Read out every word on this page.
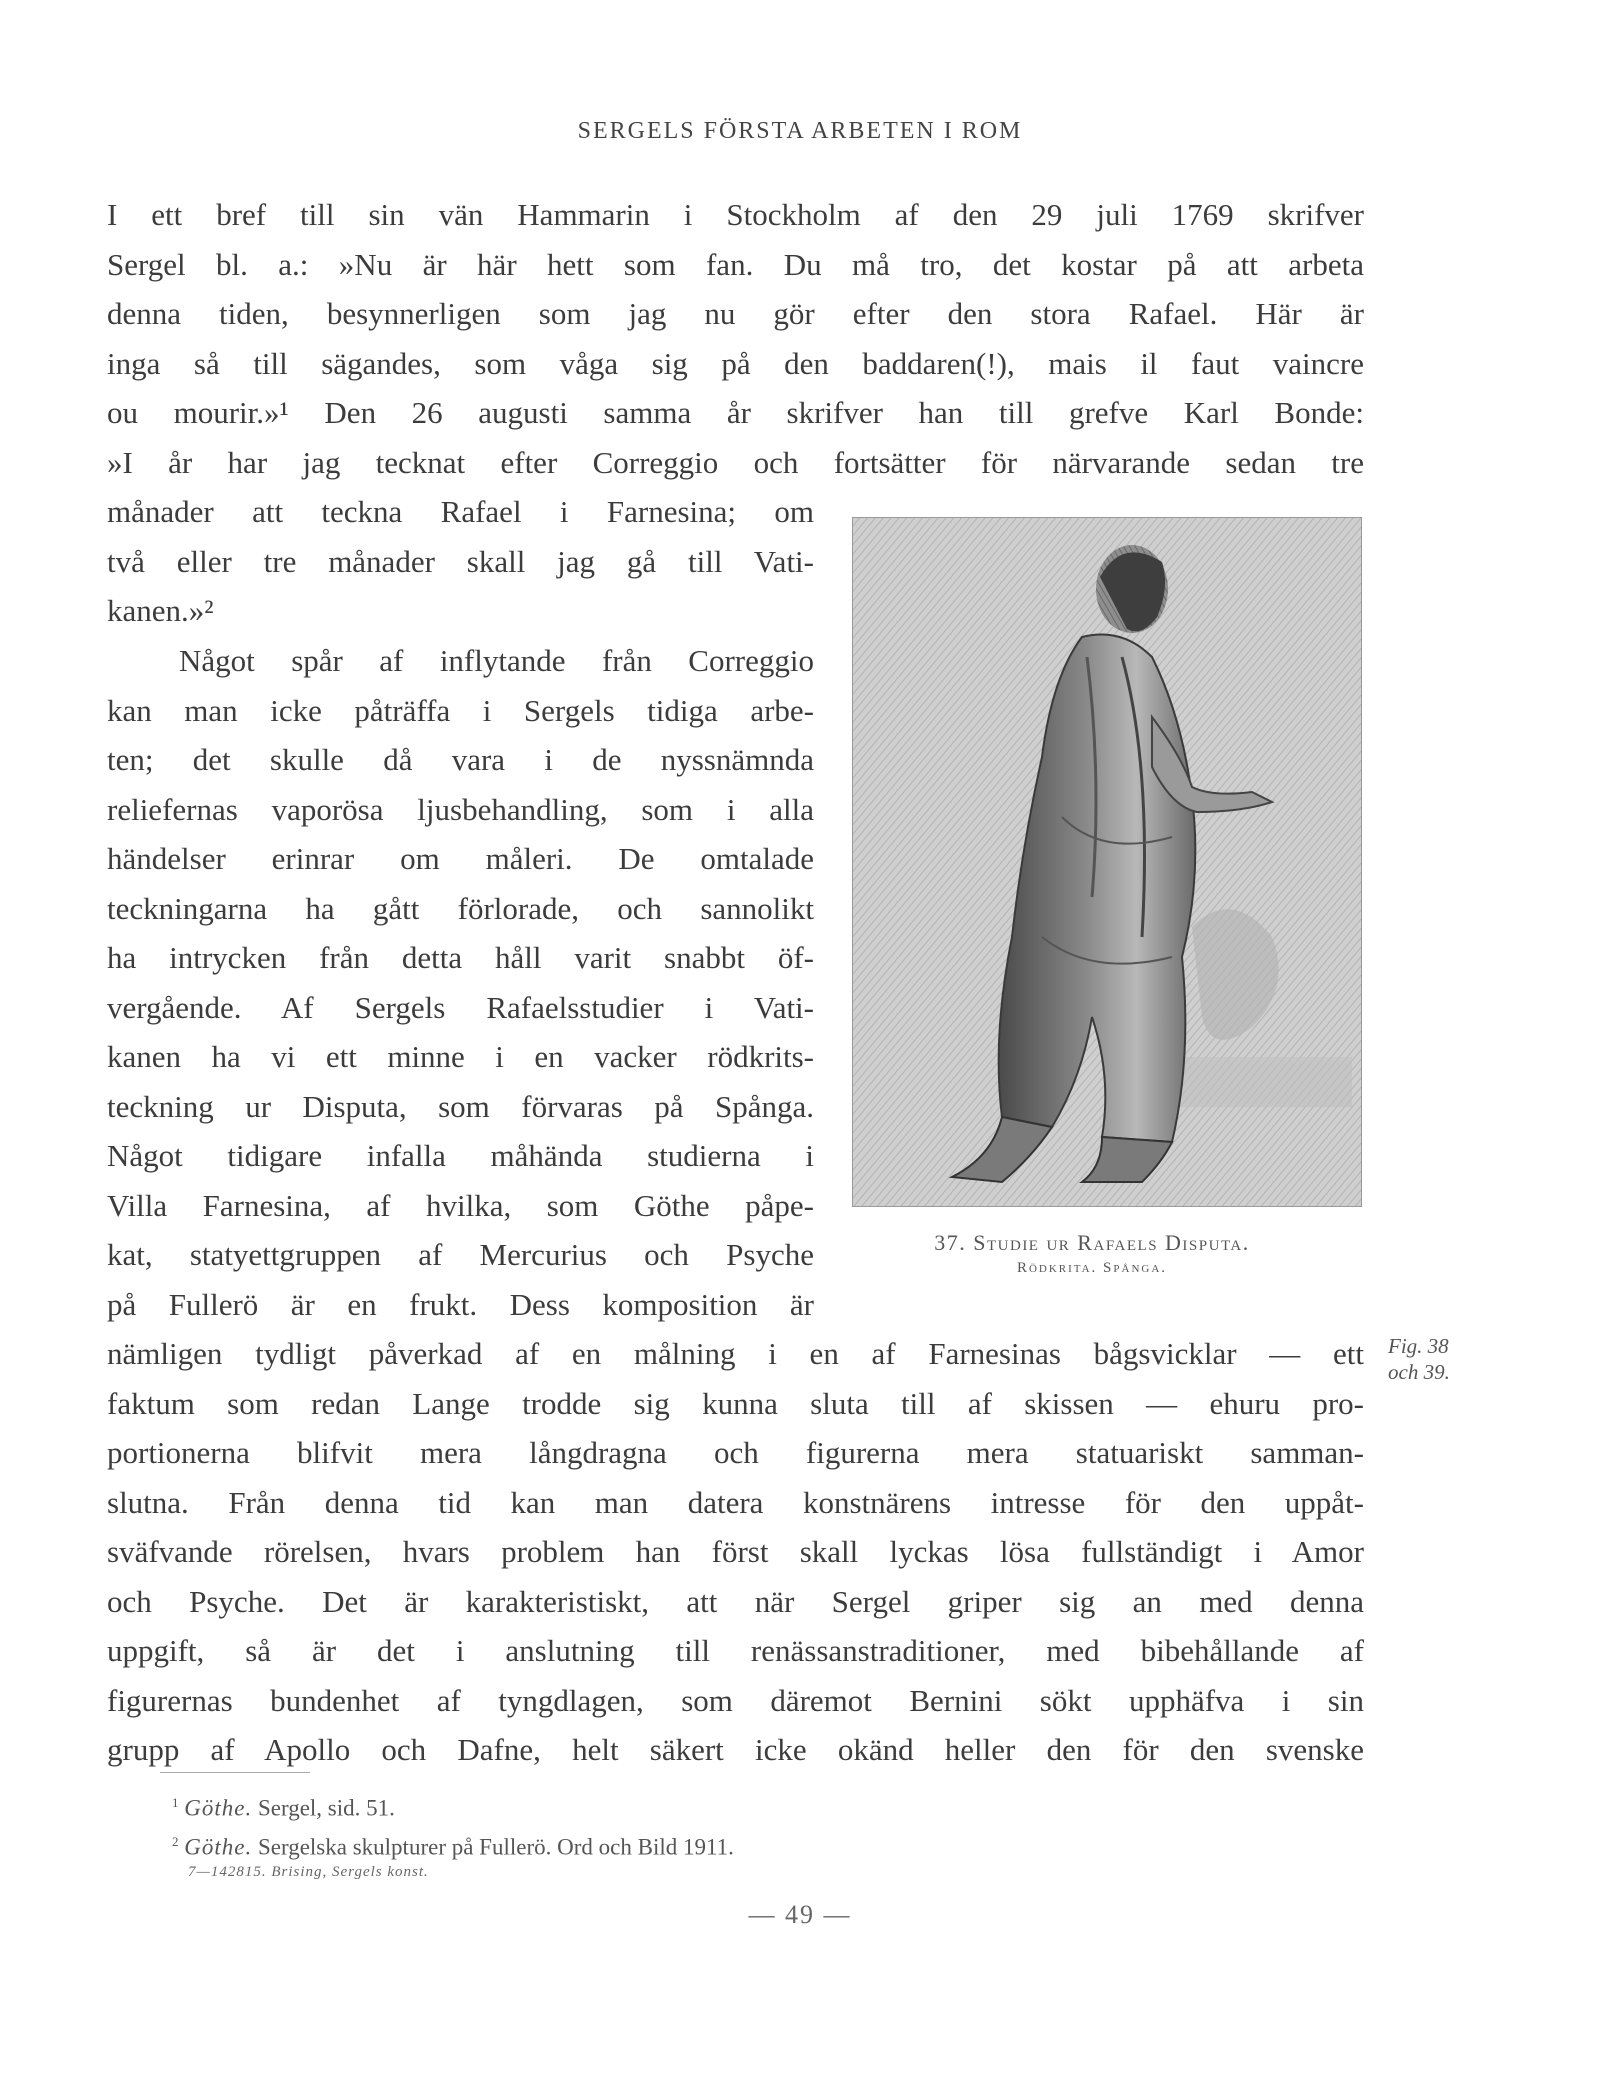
SERGELS FÖRSTA ARBETEN I ROM
I ett bref till sin vän Hammarin i Stockholm af den 29 juli 1769 skrifver
Sergel bl. a.: »Nu är här hett som fan. Du må tro, det kostar på att arbeta
denna tiden, besynnerligen som jag nu gör efter den stora Rafael. Här är
inga så till sägandes, som våga sig på den baddaren(!), mais il faut vaincre
ou mourir.»¹ Den 26 augusti samma år skrifver han till grefve Karl Bonde:
»I år har jag tecknat efter Correggio och fortsätter för närvarande sedan tre
månader att teckna Rafael i Farnesina; om
två eller tre månader skall jag gå till Vati-
kanen.»²
Något spår af inflytande från Correggio
kan man icke påträffa i Sergels tidiga arbe-
ten; det skulle då vara i de nyssnämnda
reliefernas vaporösa ljusbehandling, som i alla
händelser erinrar om måleri. De omtalade
teckningarna ha gått förlorade, och sannolikt
ha intrycken från detta håll varit snabbt öf-
vergående. Af Sergels Rafaelsstudier i Vati-
kanen ha vi ett minne i en vacker rödkrits-
teckning ur Disputa, som förvaras på Spånga.
Något tidigare infalla måhända studierna i
Villa Farnesina, af hvilka, som Göthe påpe-
kat, statyettgruppen af Mercurius och Psyche
på Fullerö är en frukt. Dess komposition är
nämligen tydligt påverkad af en målning i en af Farnesinas bågsvicklar — ett
faktum som redan Lange trodde sig kunna sluta till af skissen — ehuru pro-
portionerna blifvit mera långdragna och figurerna mera statuariskt samman-
slutna. Från denna tid kan man datera konstnärens intresse för den uppåt-
sväfvande rörelsen, hvars problem han först skall lyckas lösa fullständigt i Amor
och Psyche. Det är karakteristiskt, att när Sergel griper sig an med denna
uppgift, så är det i anslutning till renässanstraditioner, med bibehållande af
figurernas bundenhet af tyngdlagen, som däremot Bernini sökt upphäfva i sin
grupp af Apollo och Dafne, helt säkert icke okänd heller den för den svenske
37. Studie ur Rafaels Disputa.
Rödkrita. Spånga.
Fig. 38
och 39.
$^1$ Göthe. Sergel, sid. 51.
$^2$ Göthe. Sergelska skulpturer på Fullerö. Ord och Bild 1911.
7—142815. Brising, Sergels konst.
— 49 —
